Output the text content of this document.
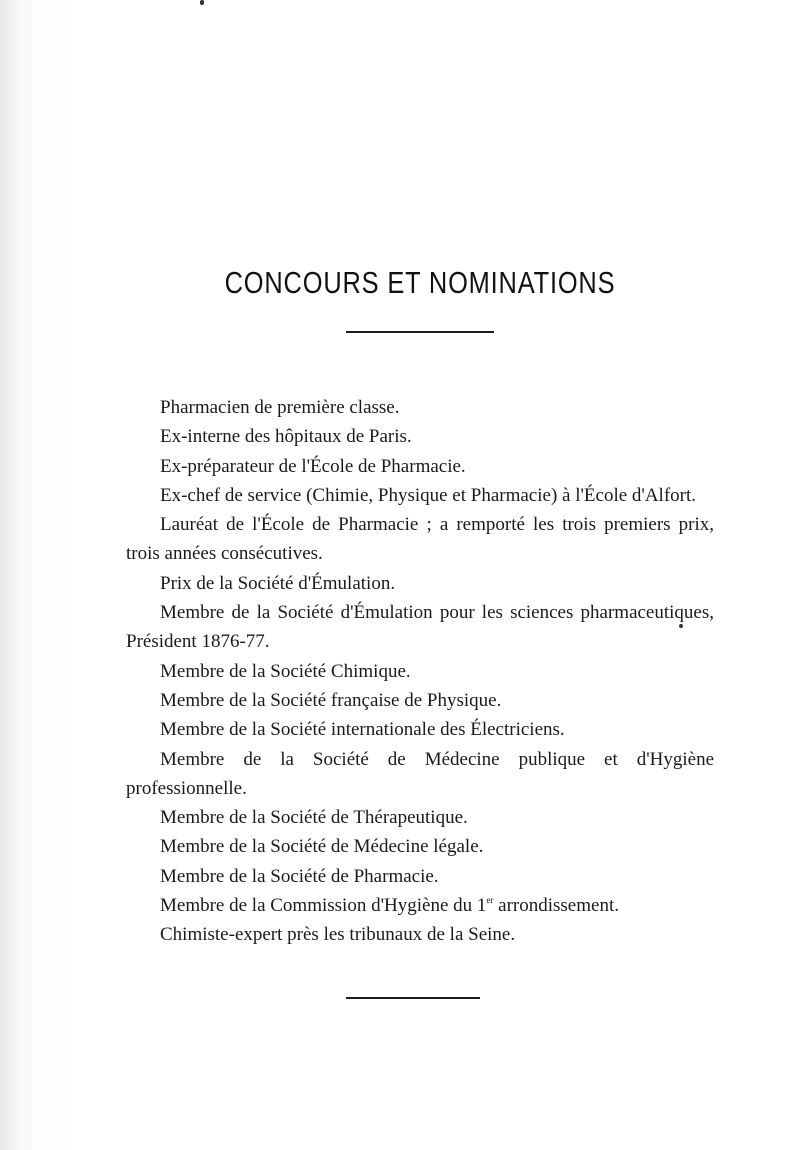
CONCOURS ET NOMINATIONS

Pharmacien de première classe.

Ex-interne des hôpitaux de Paris.

Ex-préparateur de l'École de Pharmacie.

Ex-chef de service (Chimie, Physique et Pharmacie) à l'École d'Alfort.

Lauréat de l'École de Pharmacie ; a remporté les trois premiers prix, trois années consécutives.

Prix de la Société d'Émulation.

Membre de la Société d'Émulation pour les sciences pharmaceutiques, Président 1876-77.

Membre de la Société Chimique.

Membre de la Société française de Physique.

Membre de la Société internationale des Électriciens.

Membre de la Société de Médecine publique et d'Hygiène professionnelle.

Membre de la Société de Thérapeutique.

Membre de la Société de Médecine légale.

Membre de la Société de Pharmacie.

Membre de la Commission d'Hygiène du 1er arrondissement.

Chimiste-expert près les tribunaux de la Seine.
